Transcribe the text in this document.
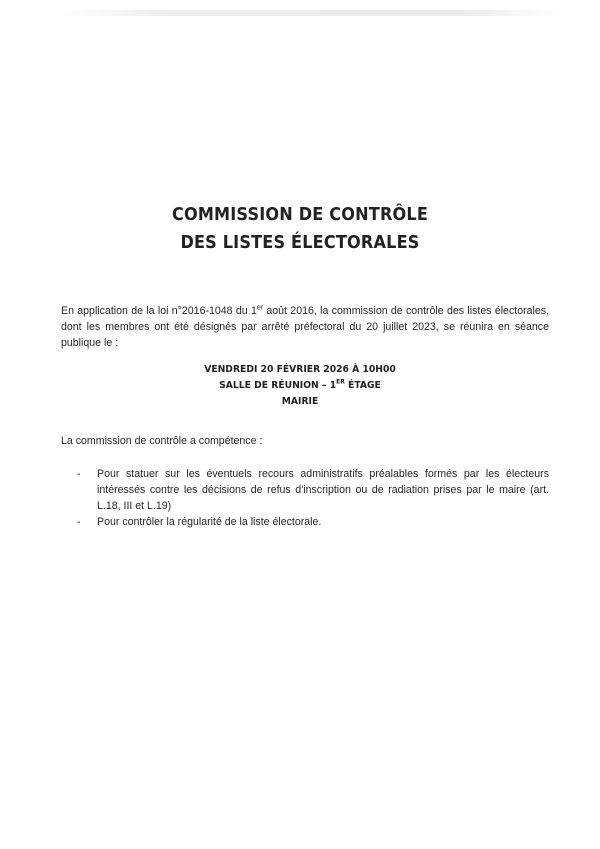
COMMISSION DE CONTRÔLE
DES LISTES ÉLECTORALES

En application de la loi n°2016-1048 du 1er août 2016, la commission de contrôle des listes électorales, dont les membres ont été désignés par arrêté préfectoral du 20 juillet 2023, se réunira en séance publique le :

VENDREDI 20 FÉVRIER 2026 À 10H00
SALLE DE RÉUNION – 1ER ÉTAGE
MAIRIE

La commission de contrôle a compétence :

- Pour statuer sur les éventuels recours administratifs préalables formés par les électeurs intéressés contre les décisions de refus d'inscription ou de radiation prises par le maire (art. L.18, III et L.19)

- Pour contrôler la régularité de la liste électorale.
